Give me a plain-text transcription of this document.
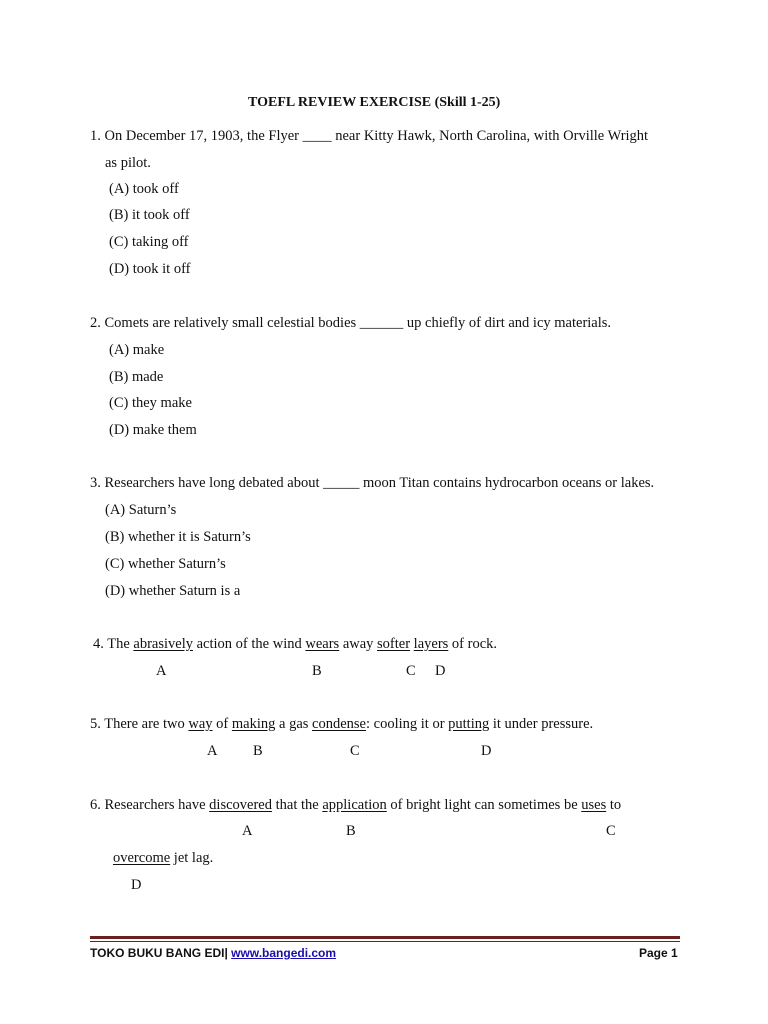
TOEFL REVIEW EXERCISE (Skill 1-25)
1. On December 17, 1903, the Flyer ____ near Kitty Hawk, North Carolina, with Orville Wright
as pilot.
(A) took off
(B) it took off
(C) taking off
(D) took it off
2. Comets are relatively small celestial bodies ______ up chiefly of dirt and icy materials.
(A) make
(B) made
(C) they make
(D) make them
3. Researchers have long debated about _____ moon Titan contains hydrocarbon oceans or lakes.
(A) Saturn’s
(B) whether it is Saturn’s
(C) whether Saturn’s
(D) whether Saturn is a
4. The abrasively action of the wind wears away softer layers of rock.
A	B	C D
5. There are two way of making a gas condense: cooling it or putting it under pressure.
A B	C	D
6. Researchers have discovered that the application of bright light can sometimes be uses to
A	B	C
overcome jet lag.
D
TOKO BUKU BANG EDI| www.bangedi.com	Page 1
